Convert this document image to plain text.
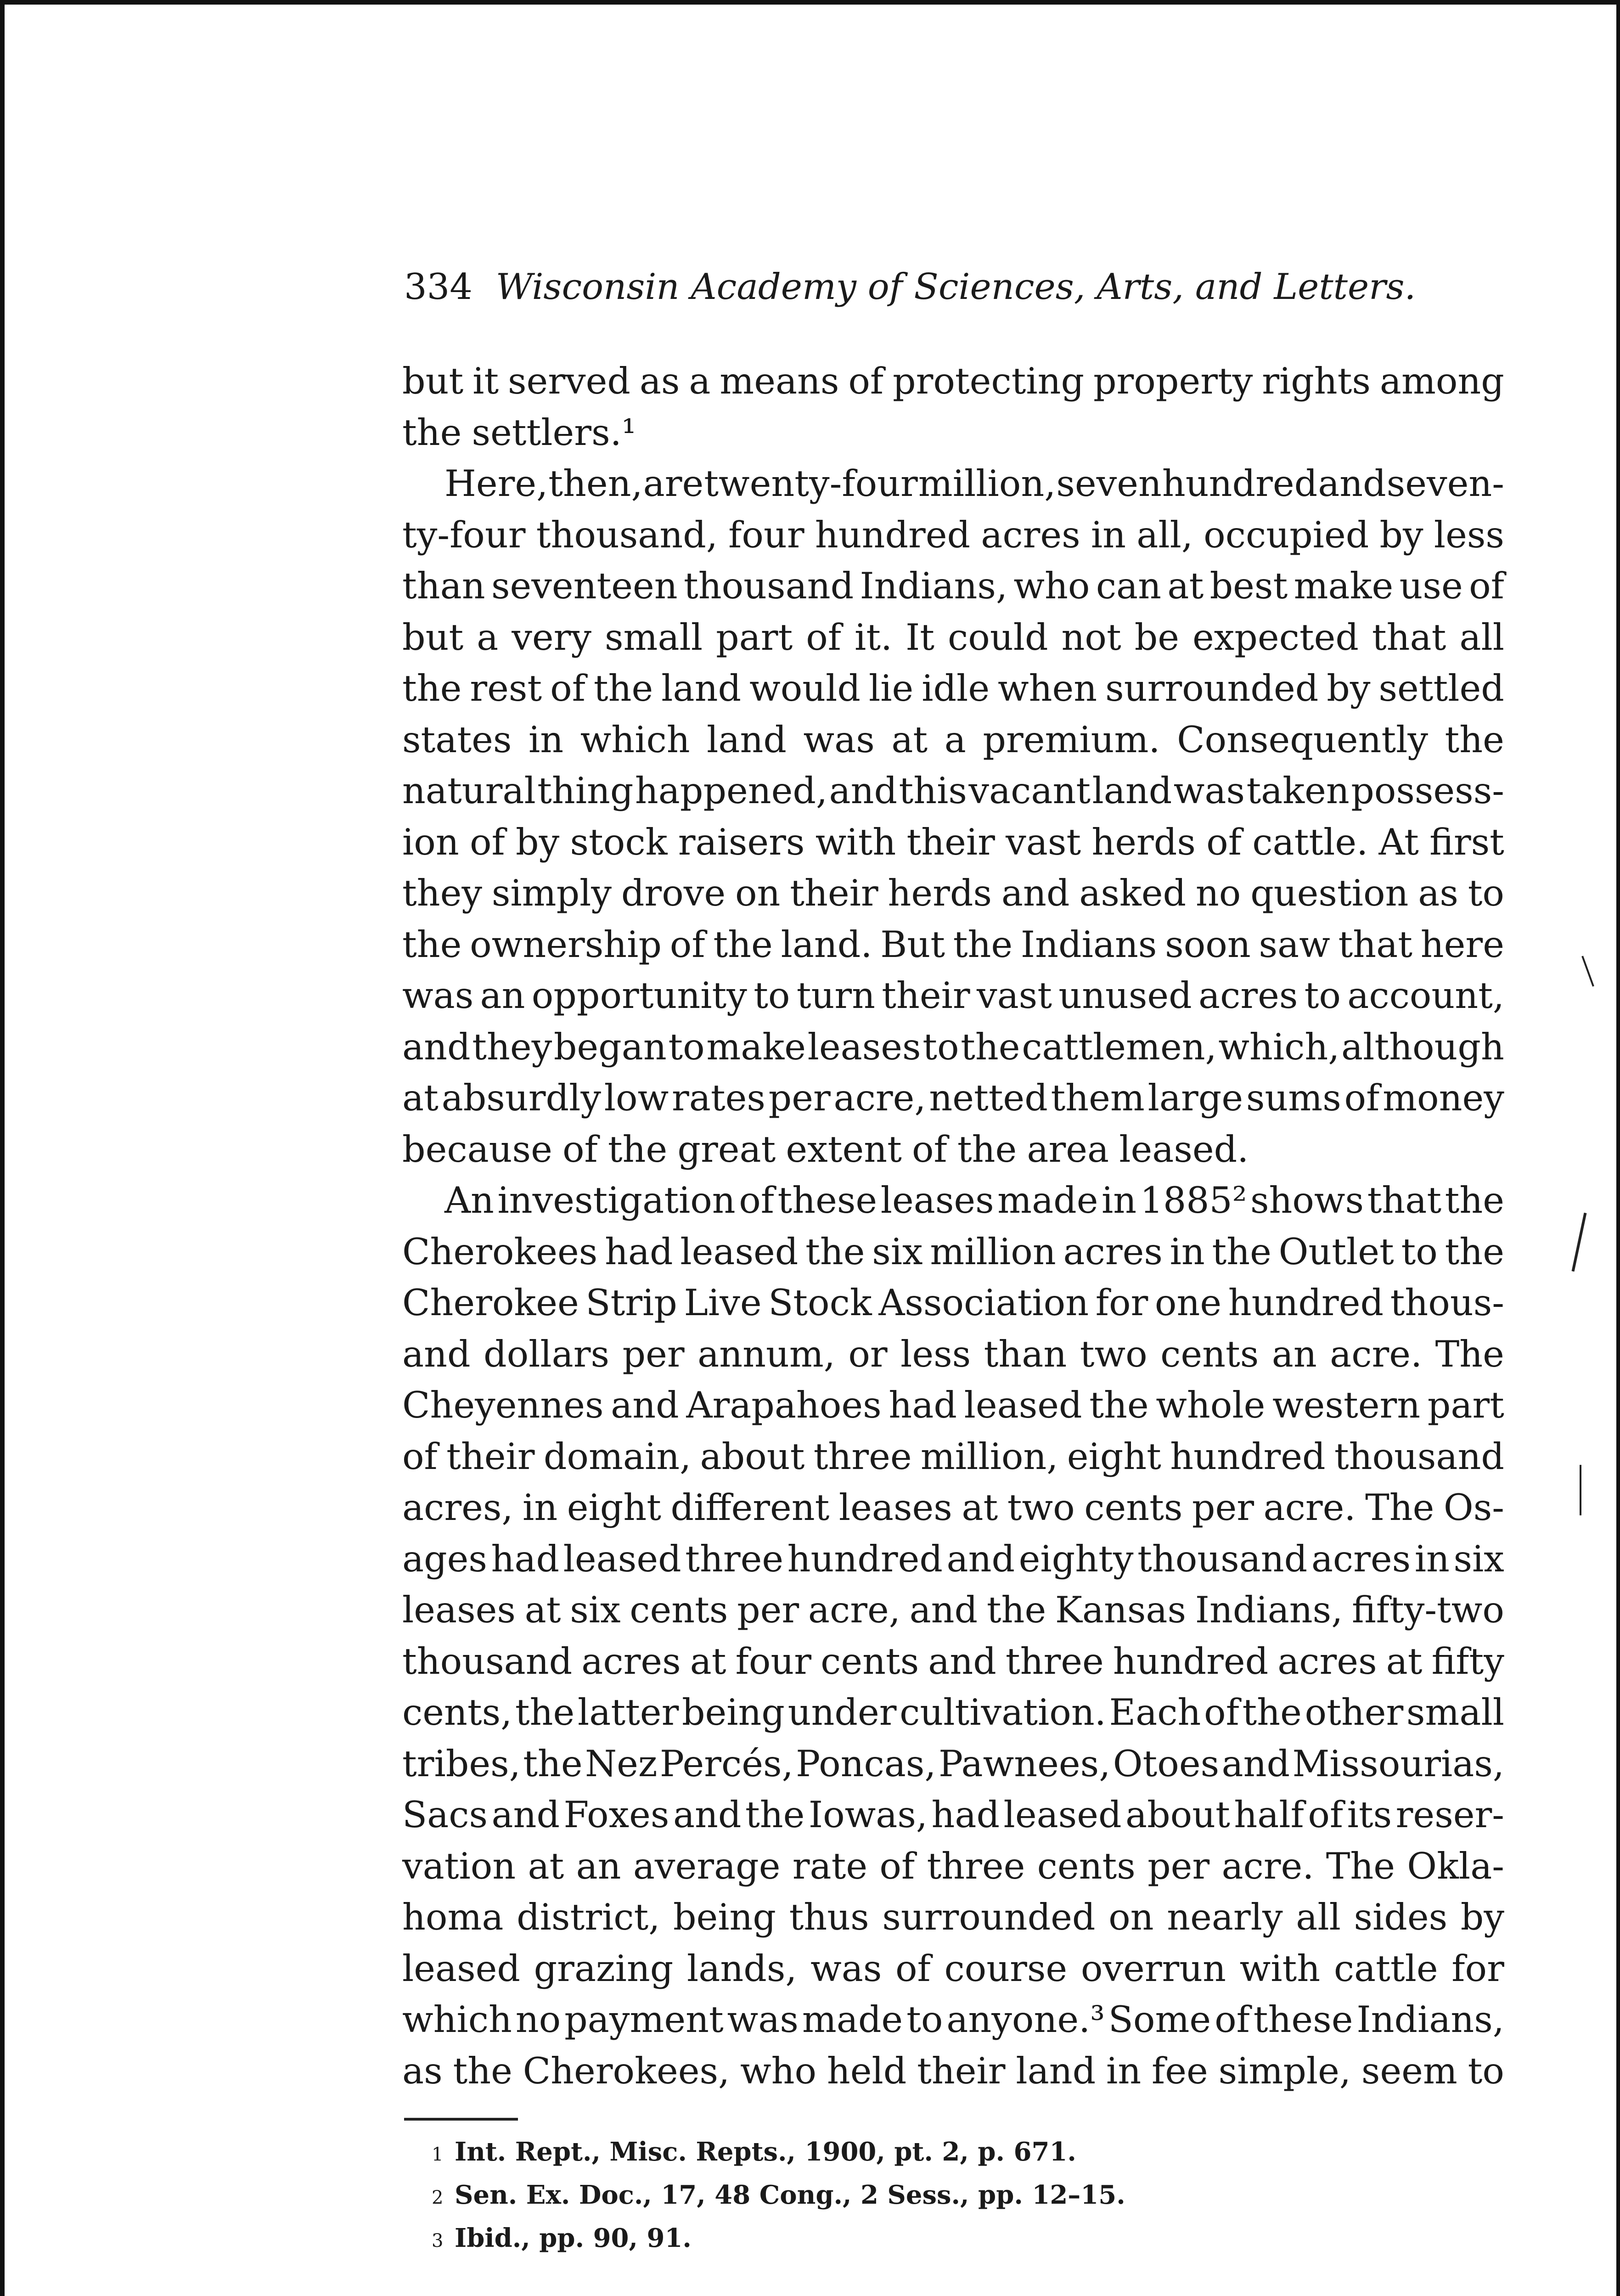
334 Wisconsin Academy of Sciences, Arts, and Letters.
but it served as a means of protecting property rights among
the settlers.¹
Here, then, are twenty-four million, seven hundred and seven-
ty-four thousand, four hundred acres in all, occupied by less
than seventeen thousand Indians, who can at best make use of
but a very small part of it. It could not be expected that all
the rest of the land would lie idle when surrounded by settled
states in which land was at a premium. Consequently the
natural thing happened, and this vacant land was taken possess-
ion of by stock raisers with their vast herds of cattle. At first
they simply drove on their herds and asked no question as to
the ownership of the land. But the Indians soon saw that here
was an opportunity to turn their vast unused acres to account,
and they began to make leases to the cattlemen, which, although
at absurdly low rates per acre, netted them large sums of money
because of the great extent of the area leased.
An investigation of these leases made in 1885² shows that the
Cherokees had leased the six million acres in the Outlet to the
Cherokee Strip Live Stock Association for one hundred thous-
and dollars per annum, or less than two cents an acre. The
Cheyennes and Arapahoes had leased the whole western part
of their domain, about three million, eight hundred thousand
acres, in eight different leases at two cents per acre. The Os-
ages had leased three hundred and eighty thousand acres in six
leases at six cents per acre, and the Kansas Indians, fifty-two
thousand acres at four cents and three hundred acres at fifty
cents, the latter being under cultivation. Each of the other small
tribes, the Nez Percés, Poncas, Pawnees, Otoes and Missourias,
Sacs and Foxes and the Iowas, had leased about half of its reser-
vation at an average rate of three cents per acre. The Okla-
homa district, being thus surrounded on nearly all sides by
leased grazing lands, was of course overrun with cattle for
which no payment was made to anyone.³ Some of these Indians,
as the Cherokees, who held their land in fee simple, seem to
1 Int. Rept., Misc. Repts., 1900, pt. 2, p. 671.
2 Sen. Ex. Doc., 17, 48 Cong., 2 Sess., pp. 12–15.
3 Ibid., pp. 90, 91.
